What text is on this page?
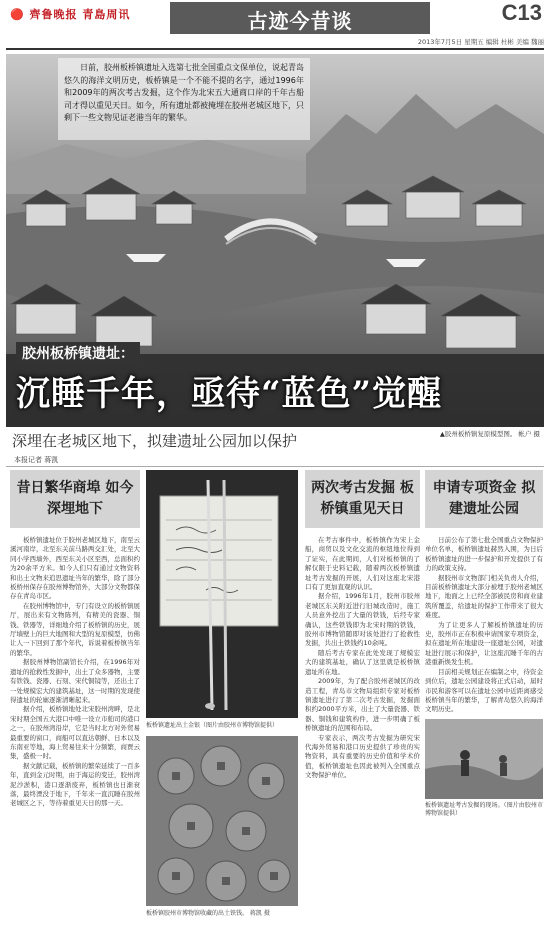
🔴 齊鲁晚报 青島周讯	古迹今昔谈	C13
2013年7月5日 星期五 编辑 杜彬 美编 魏丽
日前，胶州板桥镇遗址入选第七批全国重点文保单位，说起青岛悠久的海洋文明历史，板桥镇是一个不能不提的名字，通过1996年和2009年的两次考古发掘，这个作为北宋五大通商口岸的千年古船司才得以重见天日。如今，所有遗址都被掩埋在胶州老城区地下，只剩下一些文物见证老港当年的繁华。
胶州板桥镇遗址：
沉睡千年，亟待“蓝色”觉醒
深埋在老城区地下，拟建遗址公园加以保护	▲胶州板桥镇复原模型图。 帐户 摄
本报记者 蒋凯
昔日繁华商埠 如今深埋地下

板桥镇遗址位于胶州老城区地下，南至云溪河南岸，北至东关前马路两交汇处，北至大同小学西墙外，西至东关小区至西，总面积约为20余平方米。如今人们只有通过文物资料和出土文物来追思遗址当年的繁华，除了部分板桥州保存在胶州博物馆外，大部分文物都保存在青岛市区。

在胶州博物馆中，专门有设立的板桥镇展厅，展出来有文物陈列，有精美的瓷器、铜钱、铁器等，详细地介绍了板桥镇的历史，展厅墙壁上的巨大地图和大型的复原模型，仿佛让人一下回到了那个年代，诉说着板桥镇当年的繁华。

据胶州博物馆副馆长介绍，在1996年对遗址的抢救性发掘中，出土了众多器物，主要有铁钱、瓷器、石刻、宋代铜镜等，还出土了一处规模宏大的建筑基址，这一时期的发现使得遗址的轮廓逐渐清晰起来。

据介绍，板桥镇地处北宋胶州湾畔，是北宋时期全国五大港口中唯一设立市舶司的港口之一，在胶州湾沿岸，它是当时北方对外贸易最重要的窗口，商船可以直达朝鲜、日本以及东南亚等地，海上贸易往来十分频繁，商贾云集，盛极一时。

据文献记载，板桥镇的繁荣延续了一百多年，直到金元时期，由于海运的变迁，胶州湾泥沙淤积，港口逐渐废弃，板桥镇也日渐衰落，最终湮没于地下，千年来一直沉睡在胶州老城区之下，等待着重见天日的那一天。

板桥镇遗址出土金银（图片由胶州市博物馆提供）
板桥镇胶州市博物馆收藏的出土铁钱。 蒋凯 摄
两次考古发掘 板桥镇重见天日

在考古事件中，板桥镇作为宋上金船，商贸以及文化交流的枢纽地位得到了证实，在此期间，人们对板桥镇的了解仅限于史料记载，随着两次板桥镇遗址考古发掘的开展，人们对这座北宋港口有了更加直观的认识。

据介绍，1996年1月，胶州市胶州老城区东关附近进行旧城改造时，施工人员意外挖出了大量的铁钱，后经专家确认，这些铁钱即为北宋时期的铁钱，胶州市博物馆随即对该处进行了抢救性发掘，共出土铁钱约10余吨。

随后考古专家在此处发现了规模宏大的建筑基址，确认了这里就是板桥镇遗址所在地。

2009年，为了配合胶州老城区的改造工程，青岛市文物局组织专家对板桥镇遗址进行了第二次考古发掘，发掘面积约2000平方米，出土了大量瓷器、铁器、铜钱和建筑构件，进一步明确了板桥镇遗址的范围和布局。

专家表示，两次考古发掘为研究宋代海外贸易和港口历史提供了珍贵的实物资料，具有重要的历史价值和学术价值，板桥镇遗址也因此被列入全国重点文物保护单位。

申请专项资金 拟建遗址公园

日前公布了第七批全国重点文物保护单位名单，板桥镇遗址赫然入围，为日后板桥镇遗址的进一步保护和开发提供了有力的政策支持。

据胶州市文物部门相关负责人介绍，目前板桥镇遗址大部分被埋于胶州老城区地下，地面之上已经全部被民房和商业建筑所覆盖，给遗址的保护工作带来了很大难度。

为了让更多人了解板桥镇遗址的历史，胶州市正在积极申请国家专项资金，拟在遗址所在地建设一座遗址公园，对遗址进行展示和保护，让这座沉睡千年的古港重新焕发生机。

目前相关规划正在编制之中，待资金到位后，遗址公园建设将正式启动，届时市民和游客可以在遗址公园中近距离感受板桥镇当年的繁华，了解青岛悠久的海洋文明历史。

板桥镇遗址考古发掘的现场。（图片由胶州市博物馆提供）
